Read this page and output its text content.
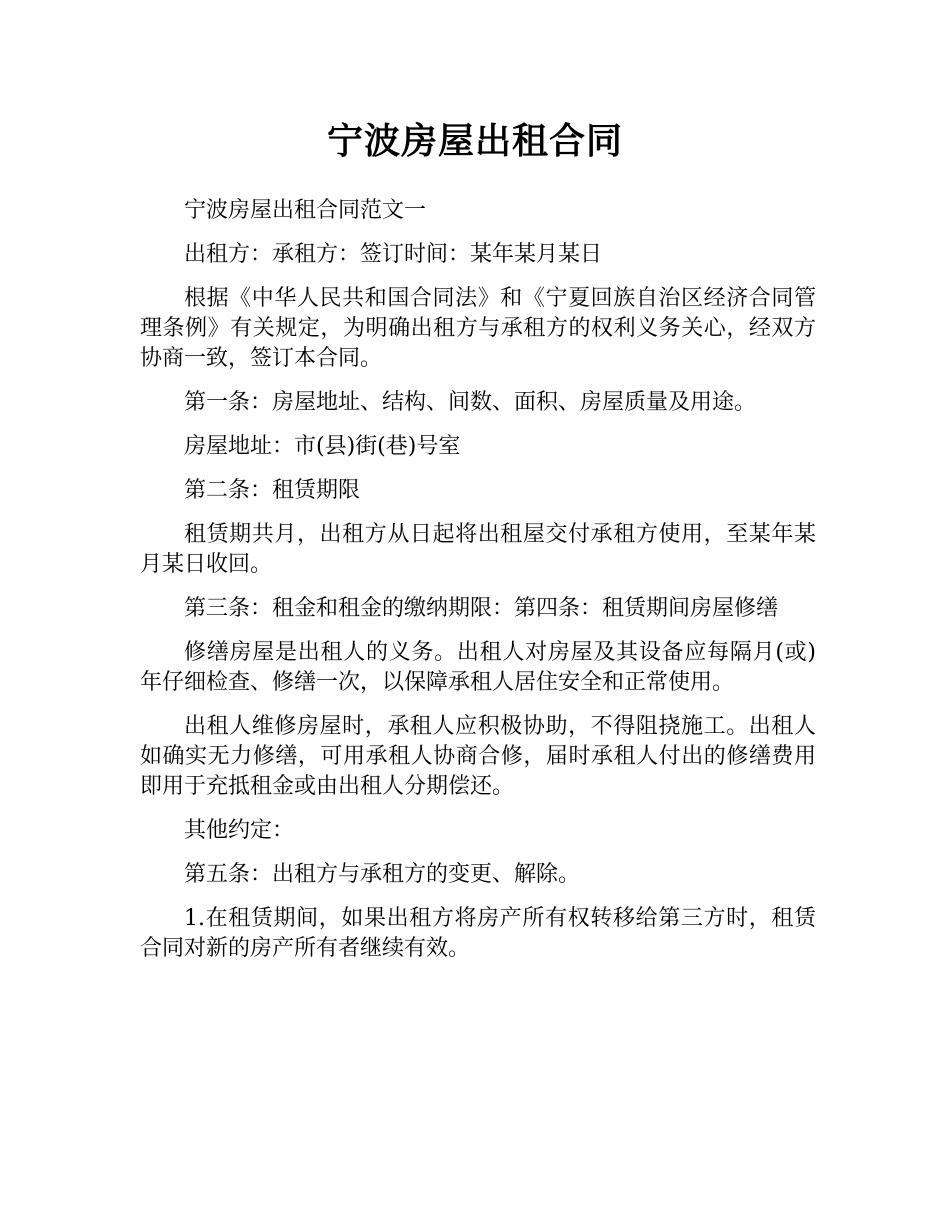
宁波房屋出租合同

宁波房屋出租合同范文一

出租方：承租方：签订时间：某年某月某日

根据《中华人民共和国合同法》和《宁夏回族自治区经济合同管理条例》有关规定，为明确出租方与承租方的权利义务关心，经双方协商一致，签订本合同。

第一条：房屋地址、结构、间数、面积、房屋质量及用途。

房屋地址：市(县)街(巷)号室

第二条：租赁期限

租赁期共月，出租方从日起将出租屋交付承租方使用，至某年某月某日收回。

第三条：租金和租金的缴纳期限：第四条：租赁期间房屋修缮

修缮房屋是出租人的义务。出租人对房屋及其设备应每隔月(或)年仔细检查、修缮一次，以保障承租人居住安全和正常使用。

出租人维修房屋时，承租人应积极协助，不得阻挠施工。出租人如确实无力修缮，可用承租人协商合修，届时承租人付出的修缮费用即用于充抵租金或由出租人分期偿还。

其他约定：

第五条：出租方与承租方的变更、解除。

1.在租赁期间，如果出租方将房产所有权转移给第三方时，租赁合同对新的房产所有者继续有效。
